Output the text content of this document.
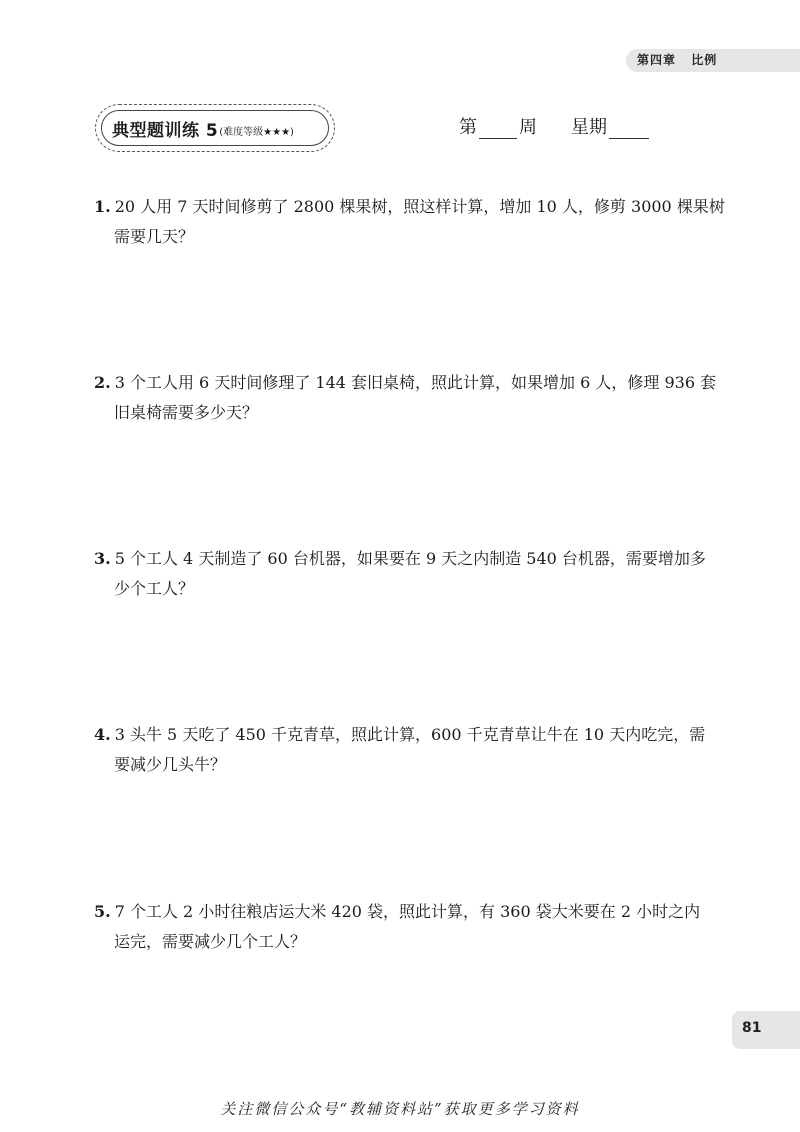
第四章 比例
典型题训练 5 (难度等级★★★)	第 周 星期
1. 20 人用 7 天时间修剪了 2800 棵果树，照这样计算，增加 10 人，修剪 3000 棵果树
需要几天？
2. 3 个工人用 6 天时间修理了 144 套旧桌椅，照此计算，如果增加 6 人，修理 936 套
旧桌椅需要多少天？
3. 5 个工人 4 天制造了 60 台机器，如果要在 9 天之内制造 540 台机器，需要增加多
少个工人？
4. 3 头牛 5 天吃了 450 千克青草，照此计算，600 千克青草让牛在 10 天内吃完，需
要减少几头牛？
5. 7 个工人 2 小时往粮店运大米 420 袋，照此计算，有 360 袋大米要在 2 小时之内
运完，需要减少几个工人？
81
关注微信公众号“教辅资料站”获取更多学习资料
